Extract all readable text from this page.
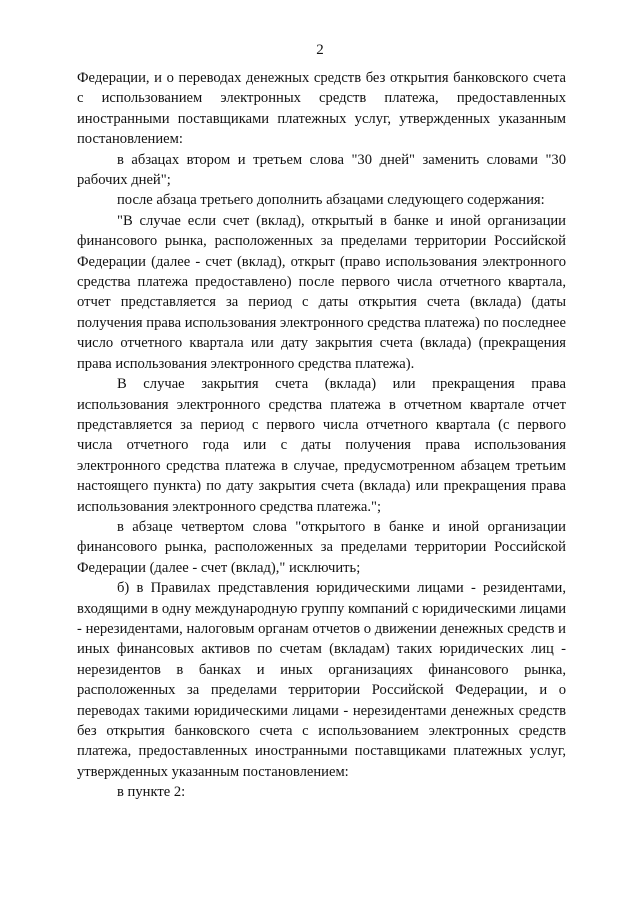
2

Федерации, и о переводах денежных средств без открытия банковского счета с использованием электронных средств платежа, предоставленных иностранными поставщиками платежных услуг, утвержденных указанным постановлением:

в абзацах втором и третьем слова "30 дней" заменить словами "30 рабочих дней";

после абзаца третьего дополнить абзацами следующего содержания:

"В случае если счет (вклад), открытый в банке и иной организации финансового рынка, расположенных за пределами территории Российской Федерации (далее - счет (вклад), открыт (право использования электронного средства платежа предоставлено) после первого числа отчетного квартала, отчет представляется за период с даты открытия счета (вклада) (даты получения права использования электронного средства платежа) по последнее число отчетного квартала или дату закрытия счета (вклада) (прекращения права использования электронного средства платежа).

В случае закрытия счета (вклада) или прекращения права использования электронного средства платежа в отчетном квартале отчет представляется за период с первого числа отчетного квартала (с первого числа отчетного года или с даты получения права использования электронного средства платежа в случае, предусмотренном абзацем третьим настоящего пункта) по дату закрытия счета (вклада) или прекращения права использования электронного средства платежа.";

в абзаце четвертом слова "открытого в банке и иной организации финансового рынка, расположенных за пределами территории Российской Федерации (далее - счет (вклад)," исключить;

б) в Правилах представления юридическими лицами - резидентами, входящими в одну международную группу компаний с юридическими лицами - нерезидентами, налоговым органам отчетов о движении денежных средств и иных финансовых активов по счетам (вкладам) таких юридических лиц - нерезидентов в банках и иных организациях финансового рынка, расположенных за пределами территории Российской Федерации, и о переводах такими юридическими лицами - нерезидентами денежных средств без открытия банковского счета с использованием электронных средств платежа, предоставленных иностранными поставщиками платежных услуг, утвержденных указанным постановлением:

в пункте 2:
